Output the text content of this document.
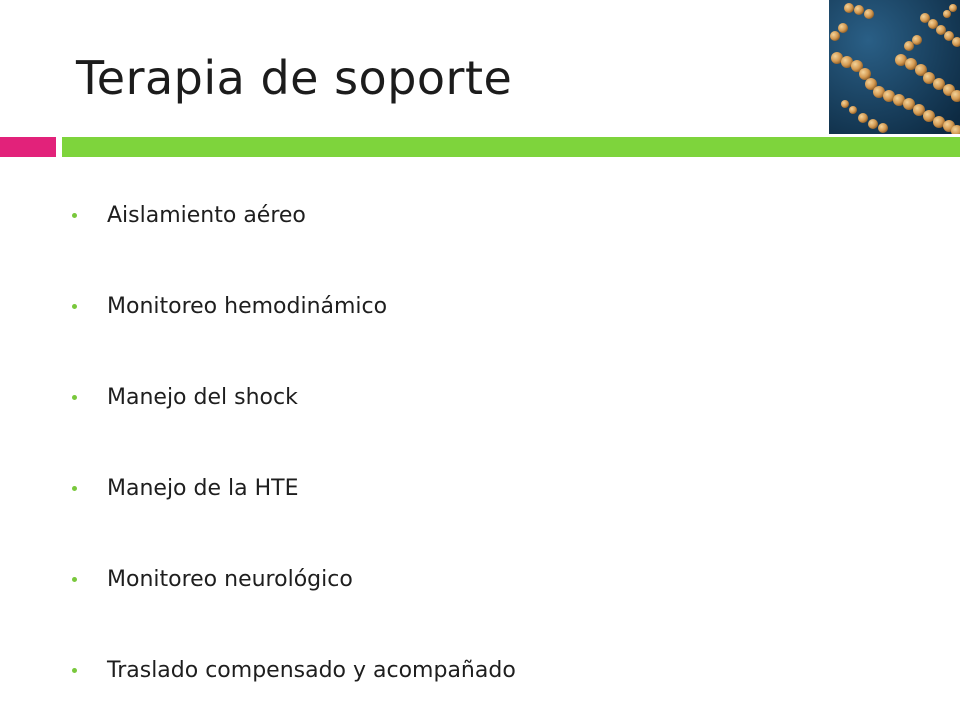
Terapia de soporte
Aislamiento aéreo
Monitoreo hemodinámico
Manejo del shock
Manejo de la HTE
Monitoreo neurológico
Traslado compensado y acompañado
